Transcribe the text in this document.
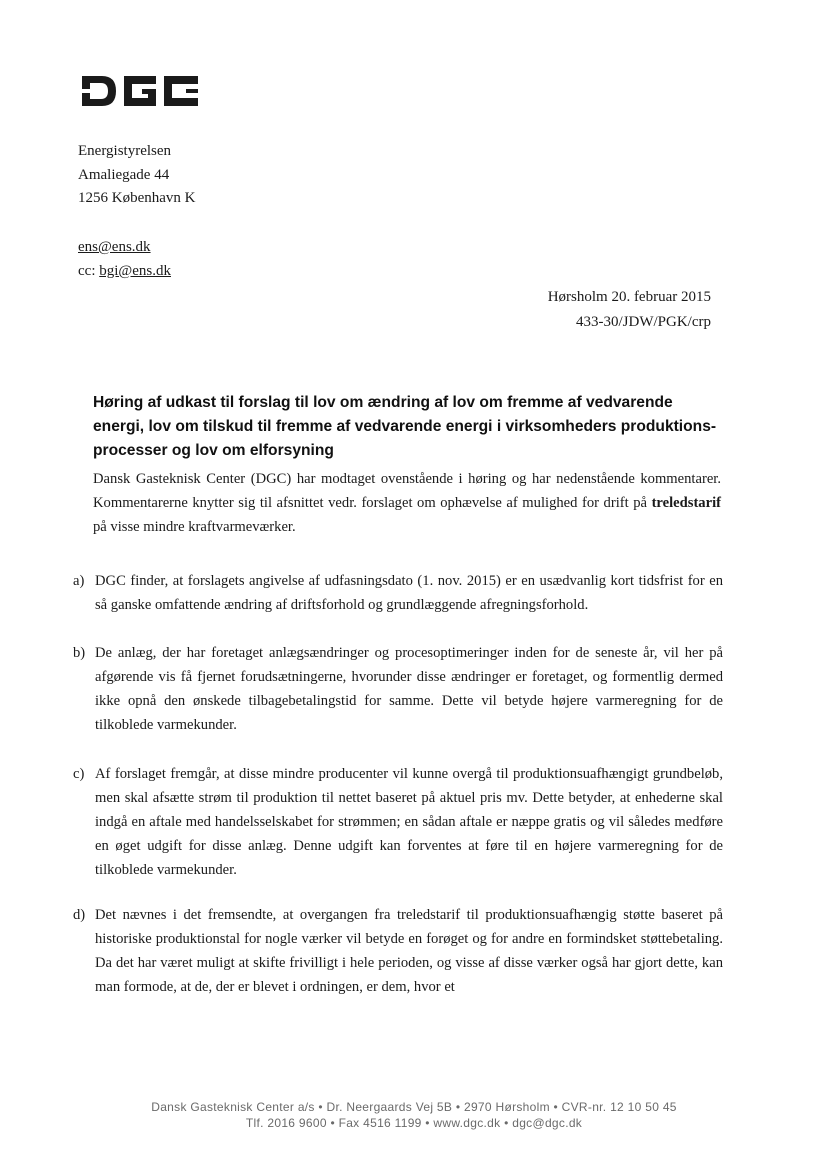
Energistyrelsen
Amaliegade 44
1256 København K
ens@ens.dk
cc: bgi@ens.dk
Hørsholm 20. februar 2015
433-30/JDW/PGK/crp
Høring af udkast til forslag til lov om ændring af lov om fremme af vedvarende energi, lov om tilskud til fremme af vedvarende energi i virksomheders produktions-processer og lov om elforsyning
Dansk Gasteknisk Center (DGC) har modtaget ovenstående i høring og har nedenstående kommentarer. Kommentarerne knytter sig til afsnittet vedr. forslaget om ophævelse af mulighed for drift på treledstarif på visse mindre kraftvarmeværker.
a) DGC finder, at forslagets angivelse af udfasningsdato (1. nov. 2015) er en usædvanlig kort tidsfrist for en så ganske omfattende ændring af driftsforhold og grundlæggende afregningsforhold.
b) De anlæg, der har foretaget anlægsændringer og procesoptimeringer inden for de seneste år, vil her på afgørende vis få fjernet forudsætningerne, hvorunder disse ændringer er foretaget, og formentlig dermed ikke opnå den ønskede tilbagebetalingstid for samme. Dette vil betyde højere varmeregning for de tilkoblede varmekunder.
c) Af forslaget fremgår, at disse mindre producenter vil kunne overgå til produktionsuafhængigt grundbeløb, men skal afsætte strøm til produktion til nettet baseret på aktuel pris mv. Dette betyder, at enhederne skal indgå en aftale med handelsselskabet for strømmen; en sådan aftale er næppe gratis og vil således medføre en øget udgift for disse anlæg. Denne udgift kan forventes at føre til en højere varmeregning for de tilkoblede varmekunder.
d) Det nævnes i det fremsendte, at overgangen fra treledstarif til produktionsuafhængig støtte baseret på historiske produktionstal for nogle værker vil betyde en forøget og for andre en formindsket støttebetaling. Da det har været muligt at skifte frivilligt i hele perioden, og visse af disse værker også har gjort dette, kan man formode, at de, der er blevet i ordningen, er dem, hvor et
Dansk Gasteknisk Center a/s • Dr. Neergaards Vej 5B • 2970 Hørsholm • CVR-nr. 12 10 50 45
Tlf. 2016 9600 • Fax 4516 1199 • www.dgc.dk • dgc@dgc.dk
